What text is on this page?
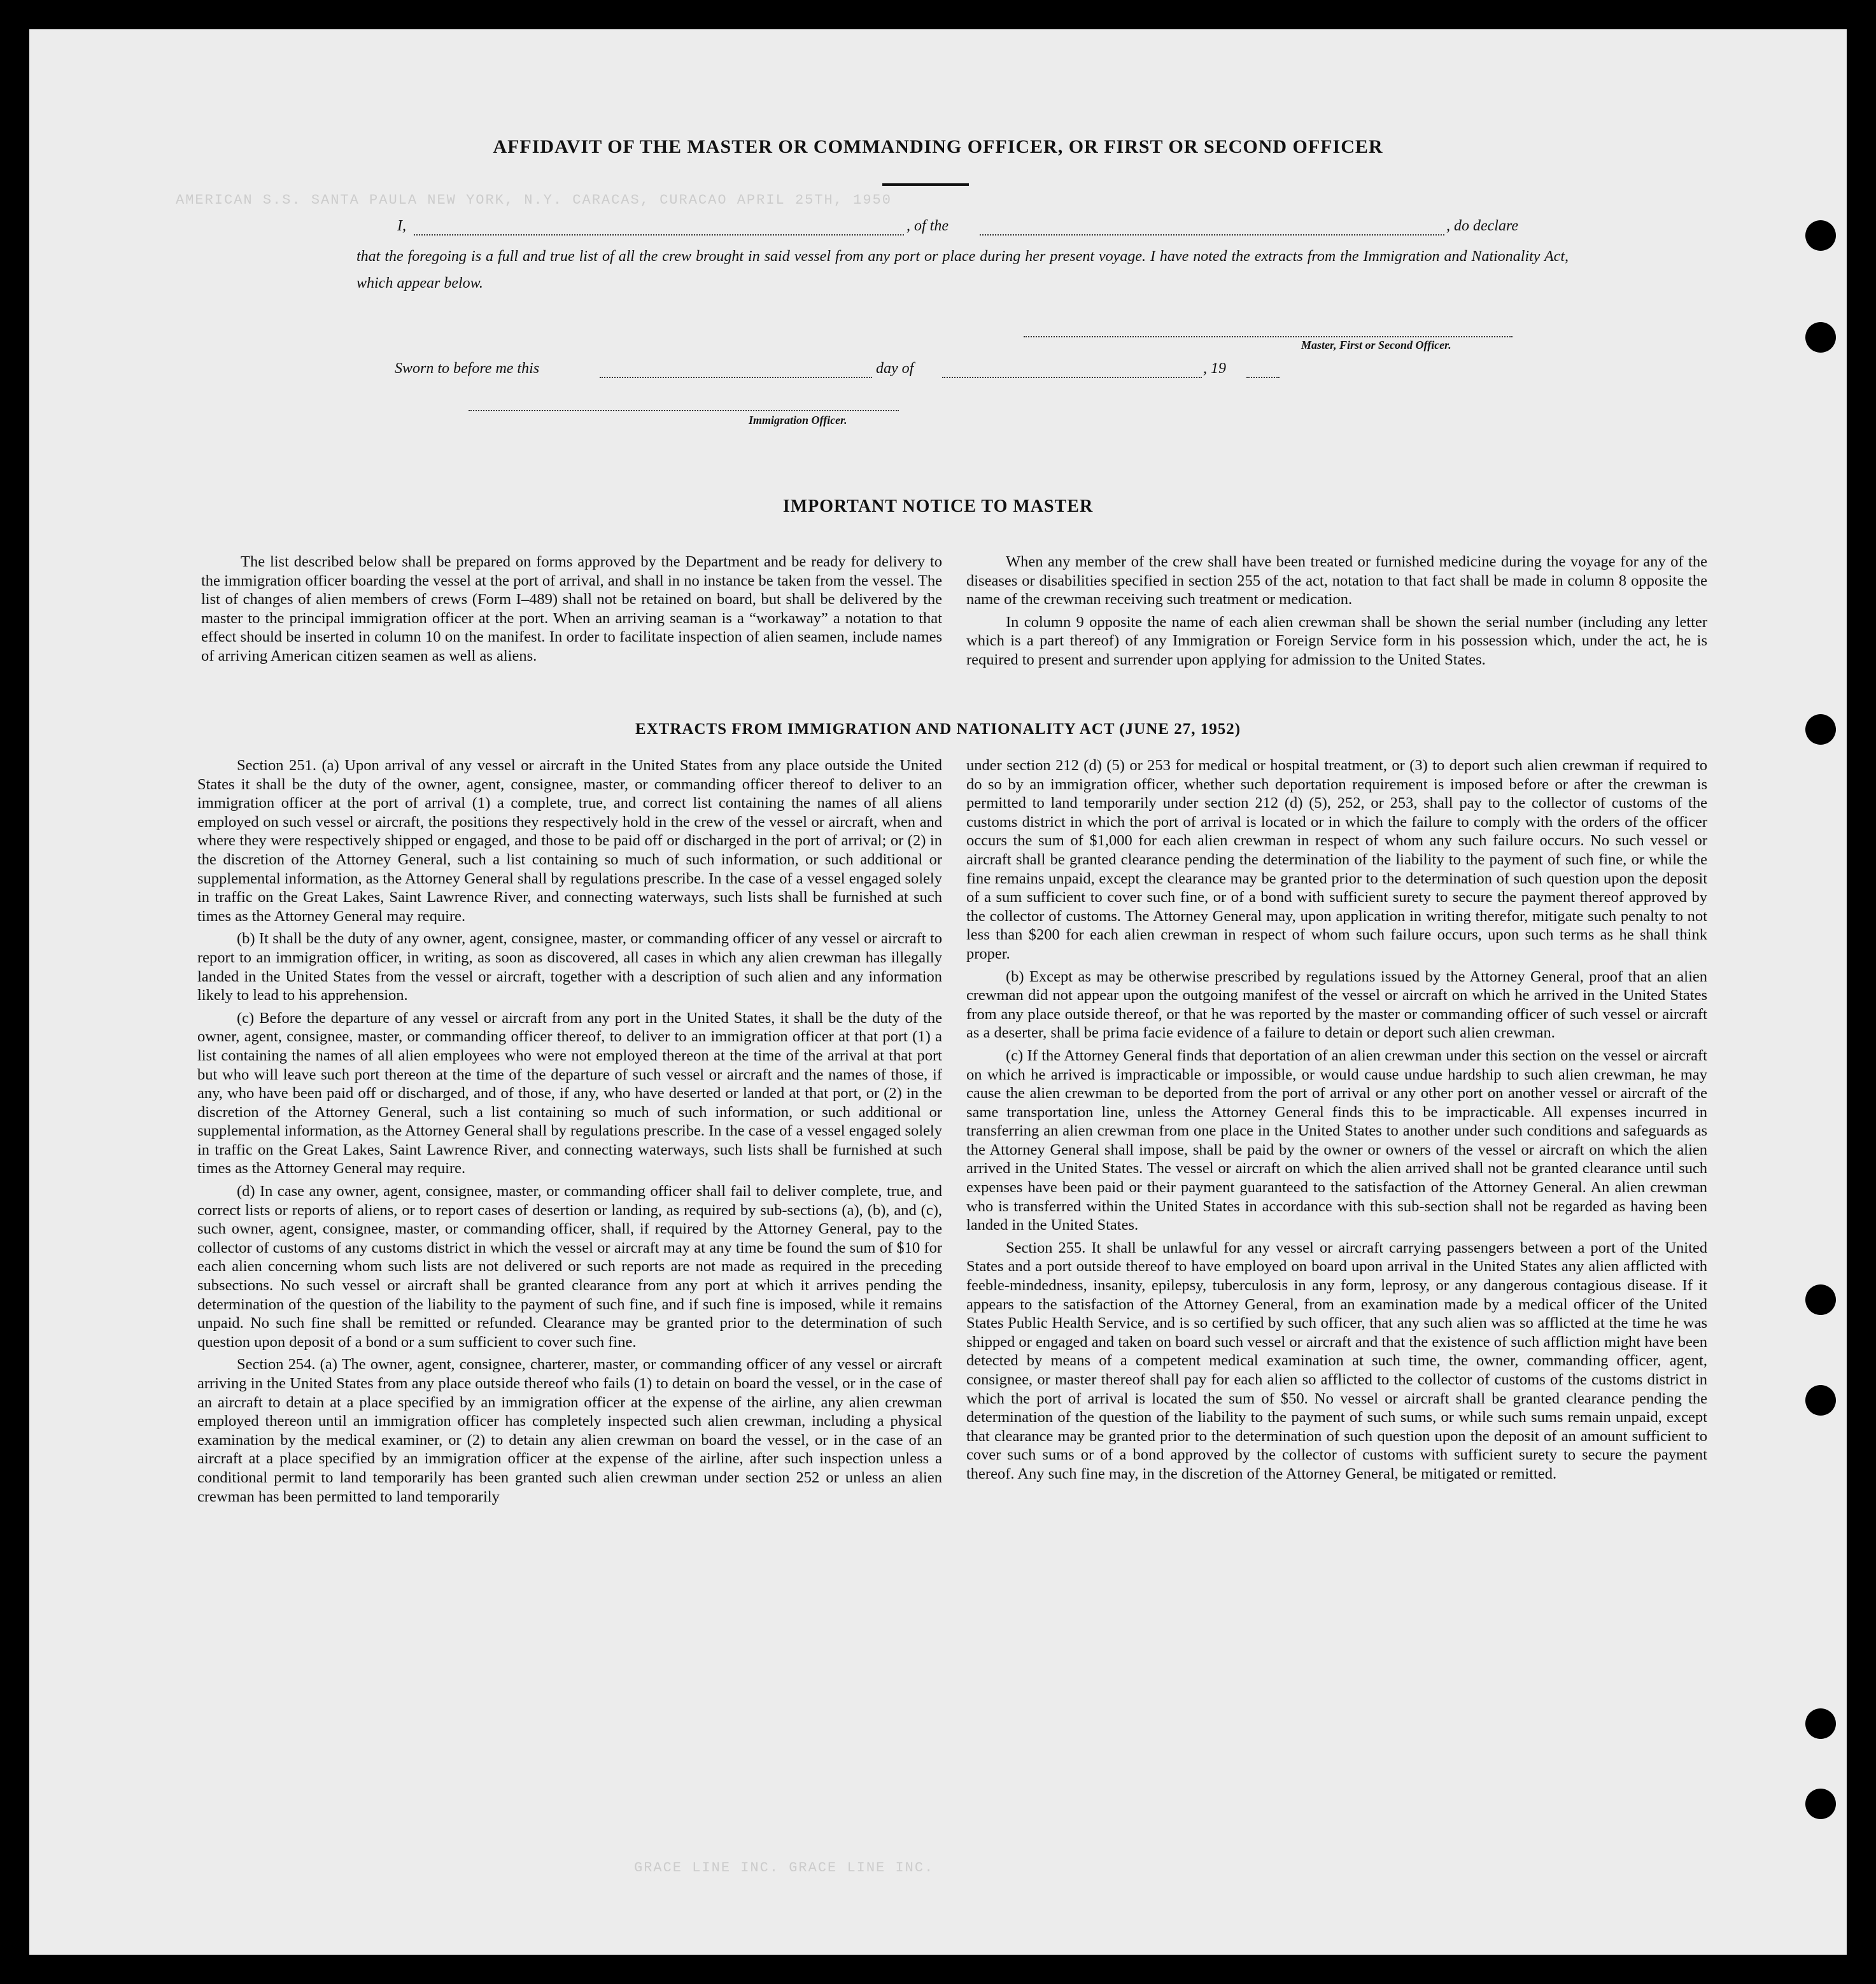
AMERICAN S.S. SANTA PAULA NEW YORK, N.Y. CARACAS, CURACAO APRIL 25TH, 1950
GRACE LINE INC. GRACE LINE INC.
AFFIDAVIT OF THE MASTER OR COMMANDING OFFICER, OR FIRST OR SECOND OFFICER
I,	, of the	, do declare
that the foregoing is a full and true list of all the crew brought in said vessel from any port or place during her present voyage. I have noted the extracts from the Immigration and Nationality Act, which appear below.
Master, First or Second Officer.
Sworn to before me this	day of	, 19
Immigration Officer.
IMPORTANT NOTICE TO MASTER

The list described below shall be prepared on forms approved by the Department and be ready for delivery to the immigration officer boarding the vessel at the port of arrival, and shall in no instance be taken from the vessel. The list of changes of alien members of crews (Form I–489) shall not be retained on board, but shall be delivered by the master to the principal immigration officer at the port. When an arriving seaman is a “workaway” a notation to that effect should be inserted in column 10 on the manifest. In order to facilitate inspection of alien seamen, include names of arriving American citizen seamen as well as aliens.

When any member of the crew shall have been treated or furnished medicine during the voyage for any of the diseases or disabilities specified in section 255 of the act, notation to that fact shall be made in column 8 opposite the name of the crewman receiving such treatment or medication.

In column 9 opposite the name of each alien crewman shall be shown the serial number (including any letter which is a part thereof) of any Immigration or Foreign Service form in his possession which, under the act, he is required to present and surrender upon applying for admission to the United States.

EXTRACTS FROM IMMIGRATION AND NATIONALITY ACT (JUNE 27, 1952)

Section 251. (a) Upon arrival of any vessel or aircraft in the United States from any place outside the United States it shall be the duty of the owner, agent, consignee, master, or commanding officer thereof to deliver to an immigration officer at the port of arrival (1) a complete, true, and correct list containing the names of all aliens employed on such vessel or aircraft, the positions they respectively hold in the crew of the vessel or aircraft, when and where they were respectively shipped or engaged, and those to be paid off or discharged in the port of arrival; or (2) in the discretion of the Attorney General, such a list containing so much of such information, or such additional or supplemental information, as the Attorney General shall by regulations prescribe. In the case of a vessel engaged solely in traffic on the Great Lakes, Saint Lawrence River, and connecting waterways, such lists shall be furnished at such times as the Attorney General may require.

(b) It shall be the duty of any owner, agent, consignee, master, or commanding officer of any vessel or aircraft to report to an immigration officer, in writing, as soon as discovered, all cases in which any alien crewman has illegally landed in the United States from the vessel or aircraft, together with a description of such alien and any information likely to lead to his apprehension.

(c) Before the departure of any vessel or aircraft from any port in the United States, it shall be the duty of the owner, agent, consignee, master, or commanding officer thereof, to deliver to an immigration officer at that port (1) a list containing the names of all alien employees who were not employed thereon at the time of the arrival at that port but who will leave such port thereon at the time of the departure of such vessel or aircraft and the names of those, if any, who have been paid off or discharged, and of those, if any, who have deserted or landed at that port, or (2) in the discretion of the Attorney General, such a list containing so much of such information, or such additional or supplemental information, as the Attorney General shall by regulations prescribe. In the case of a vessel engaged solely in traffic on the Great Lakes, Saint Lawrence River, and connecting waterways, such lists shall be furnished at such times as the Attorney General may require.

(d) In case any owner, agent, consignee, master, or commanding officer shall fail to deliver complete, true, and correct lists or reports of aliens, or to report cases of desertion or landing, as required by sub-sections (a), (b), and (c), such owner, agent, consignee, master, or commanding officer, shall, if required by the Attorney General, pay to the collector of customs of any customs district in which the vessel or aircraft may at any time be found the sum of $10 for each alien concerning whom such lists are not delivered or such reports are not made as required in the preceding subsections. No such vessel or aircraft shall be granted clearance from any port at which it arrives pending the determination of the question of the liability to the payment of such fine, and if such fine is imposed, while it remains unpaid. No such fine shall be remitted or refunded. Clearance may be granted prior to the determination of such question upon deposit of a bond or a sum sufficient to cover such fine.

Section 254. (a) The owner, agent, consignee, charterer, master, or commanding officer of any vessel or aircraft arriving in the United States from any place outside thereof who fails (1) to detain on board the vessel, or in the case of an aircraft to detain at a place specified by an immigration officer at the expense of the airline, any alien crewman employed thereon until an immigration officer has completely inspected such alien crewman, including a physical examination by the medical examiner, or (2) to detain any alien crewman on board the vessel, or in the case of an aircraft at a place specified by an immigration officer at the expense of the airline, after such inspection unless a conditional permit to land temporarily has been granted such alien crewman under section 252 or unless an alien crewman has been permitted to land temporarily

under section 212 (d) (5) or 253 for medical or hospital treatment, or (3) to deport such alien crewman if required to do so by an immigration officer, whether such deportation requirement is imposed before or after the crewman is permitted to land temporarily under section 212 (d) (5), 252, or 253, shall pay to the collector of customs of the customs district in which the port of arrival is located or in which the failure to comply with the orders of the officer occurs the sum of $1,000 for each alien crewman in respect of whom any such failure occurs. No such vessel or aircraft shall be granted clearance pending the determination of the liability to the payment of such fine, or while the fine remains unpaid, except the clearance may be granted prior to the determination of such question upon the deposit of a sum sufficient to cover such fine, or of a bond with sufficient surety to secure the payment thereof approved by the collector of customs. The Attorney General may, upon application in writing therefor, mitigate such penalty to not less than $200 for each alien crewman in respect of whom such failure occurs, upon such terms as he shall think proper.

(b) Except as may be otherwise prescribed by regulations issued by the Attorney General, proof that an alien crewman did not appear upon the outgoing manifest of the vessel or aircraft on which he arrived in the United States from any place outside thereof, or that he was reported by the master or commanding officer of such vessel or aircraft as a deserter, shall be prima facie evidence of a failure to detain or deport such alien crewman.

(c) If the Attorney General finds that deportation of an alien crewman under this section on the vessel or aircraft on which he arrived is impracticable or impossible, or would cause undue hardship to such alien crewman, he may cause the alien crewman to be deported from the port of arrival or any other port on another vessel or aircraft of the same transportation line, unless the Attorney General finds this to be impracticable. All expenses incurred in transferring an alien crewman from one place in the United States to another under such conditions and safeguards as the Attorney General shall impose, shall be paid by the owner or owners of the vessel or aircraft on which the alien arrived in the United States. The vessel or aircraft on which the alien arrived shall not be granted clearance until such expenses have been paid or their payment guaranteed to the satisfaction of the Attorney General. An alien crewman who is transferred within the United States in accordance with this sub-section shall not be regarded as having been landed in the United States.

Section 255. It shall be unlawful for any vessel or aircraft carrying passengers between a port of the United States and a port outside thereof to have employed on board upon arrival in the United States any alien afflicted with feeble-mindedness, insanity, epilepsy, tuberculosis in any form, leprosy, or any dangerous contagious disease. If it appears to the satisfaction of the Attorney General, from an examination made by a medical officer of the United States Public Health Service, and is so certified by such officer, that any such alien was so afflicted at the time he was shipped or engaged and taken on board such vessel or aircraft and that the existence of such affliction might have been detected by means of a competent medical examination at such time, the owner, commanding officer, agent, consignee, or master thereof shall pay for each alien so afflicted to the collector of customs of the customs district in which the port of arrival is located the sum of $50. No vessel or aircraft shall be granted clearance pending the determination of the question of the liability to the payment of such sums, or while such sums remain unpaid, except that clearance may be granted prior to the determination of such question upon the deposit of an amount sufficient to cover such sums or of a bond approved by the collector of customs with sufficient surety to secure the payment thereof. Any such fine may, in the discretion of the Attorney General, be mitigated or remitted.
